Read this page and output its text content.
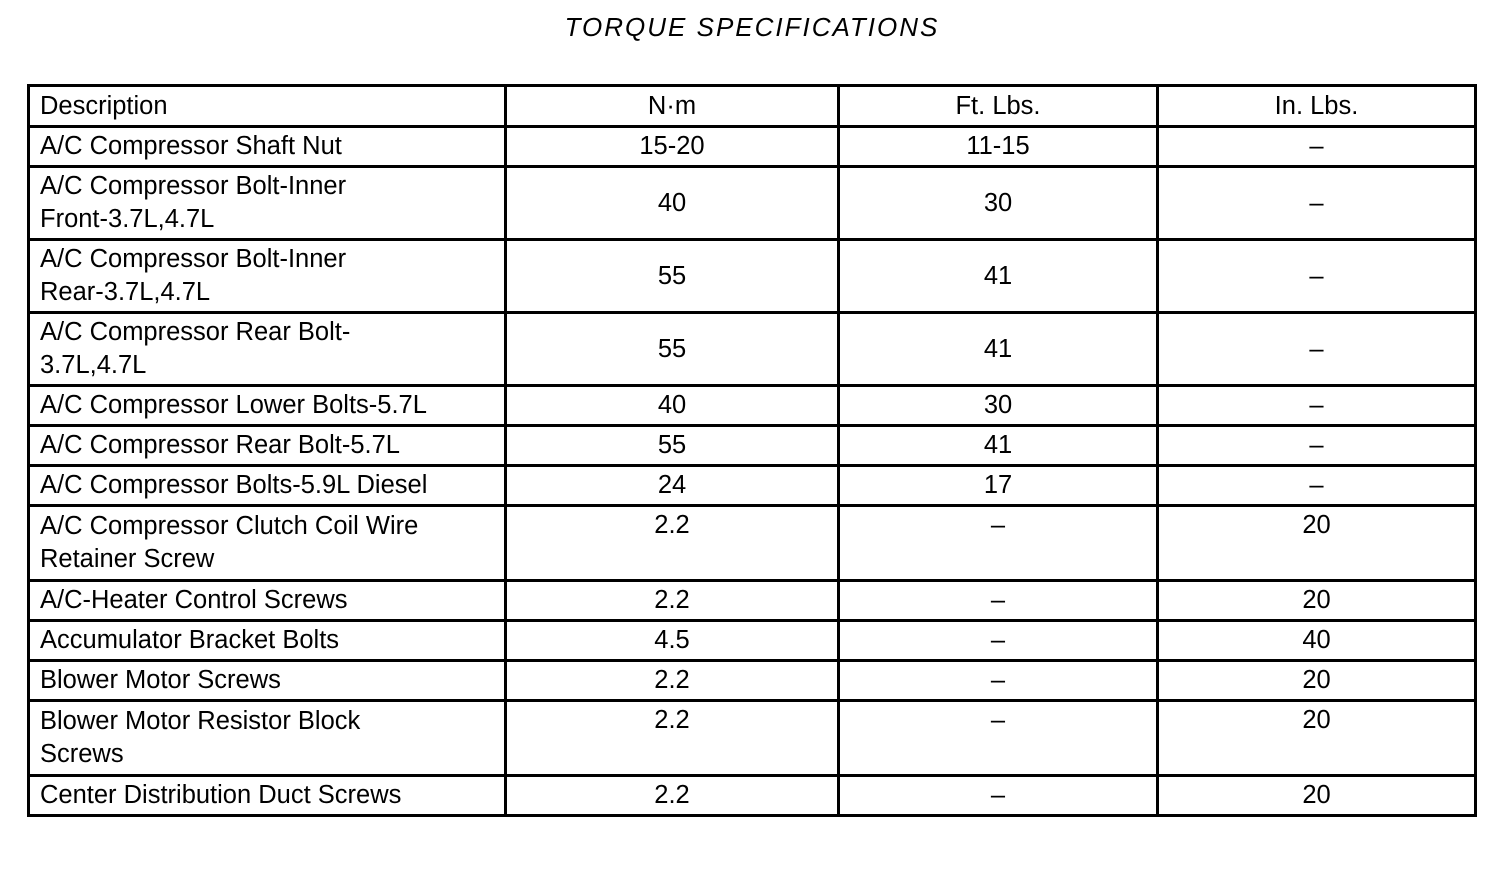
TORQUE SPECIFICATIONS
Description	N·m	Ft. Lbs.	In. Lbs.

A/C Compressor Shaft Nut	15-20	11-15	–

A/C Compressor Bolt-Inner
Front-3.7L,4.7L	40	30	–

A/C Compressor Bolt-Inner
Rear-3.7L,4.7L	55	41	–

A/C Compressor Rear Bolt-
3.7L,4.7L	55	41	–

A/C Compressor Lower Bolts-5.7L	40	30	–

A/C Compressor Rear Bolt-5.7L	55	41	–

A/C Compressor Bolts-5.9L Diesel	24	17	–

A/C Compressor Clutch Coil Wire
Retainer Screw	2.2	–	20

A/C-Heater Control Screws	2.2	–	20

Accumulator Bracket Bolts	4.5	–	40

Blower Motor Screws	2.2	–	20

Blower Motor Resistor Block
Screws	2.2	–	20

Center Distribution Duct Screws	2.2	–	20
